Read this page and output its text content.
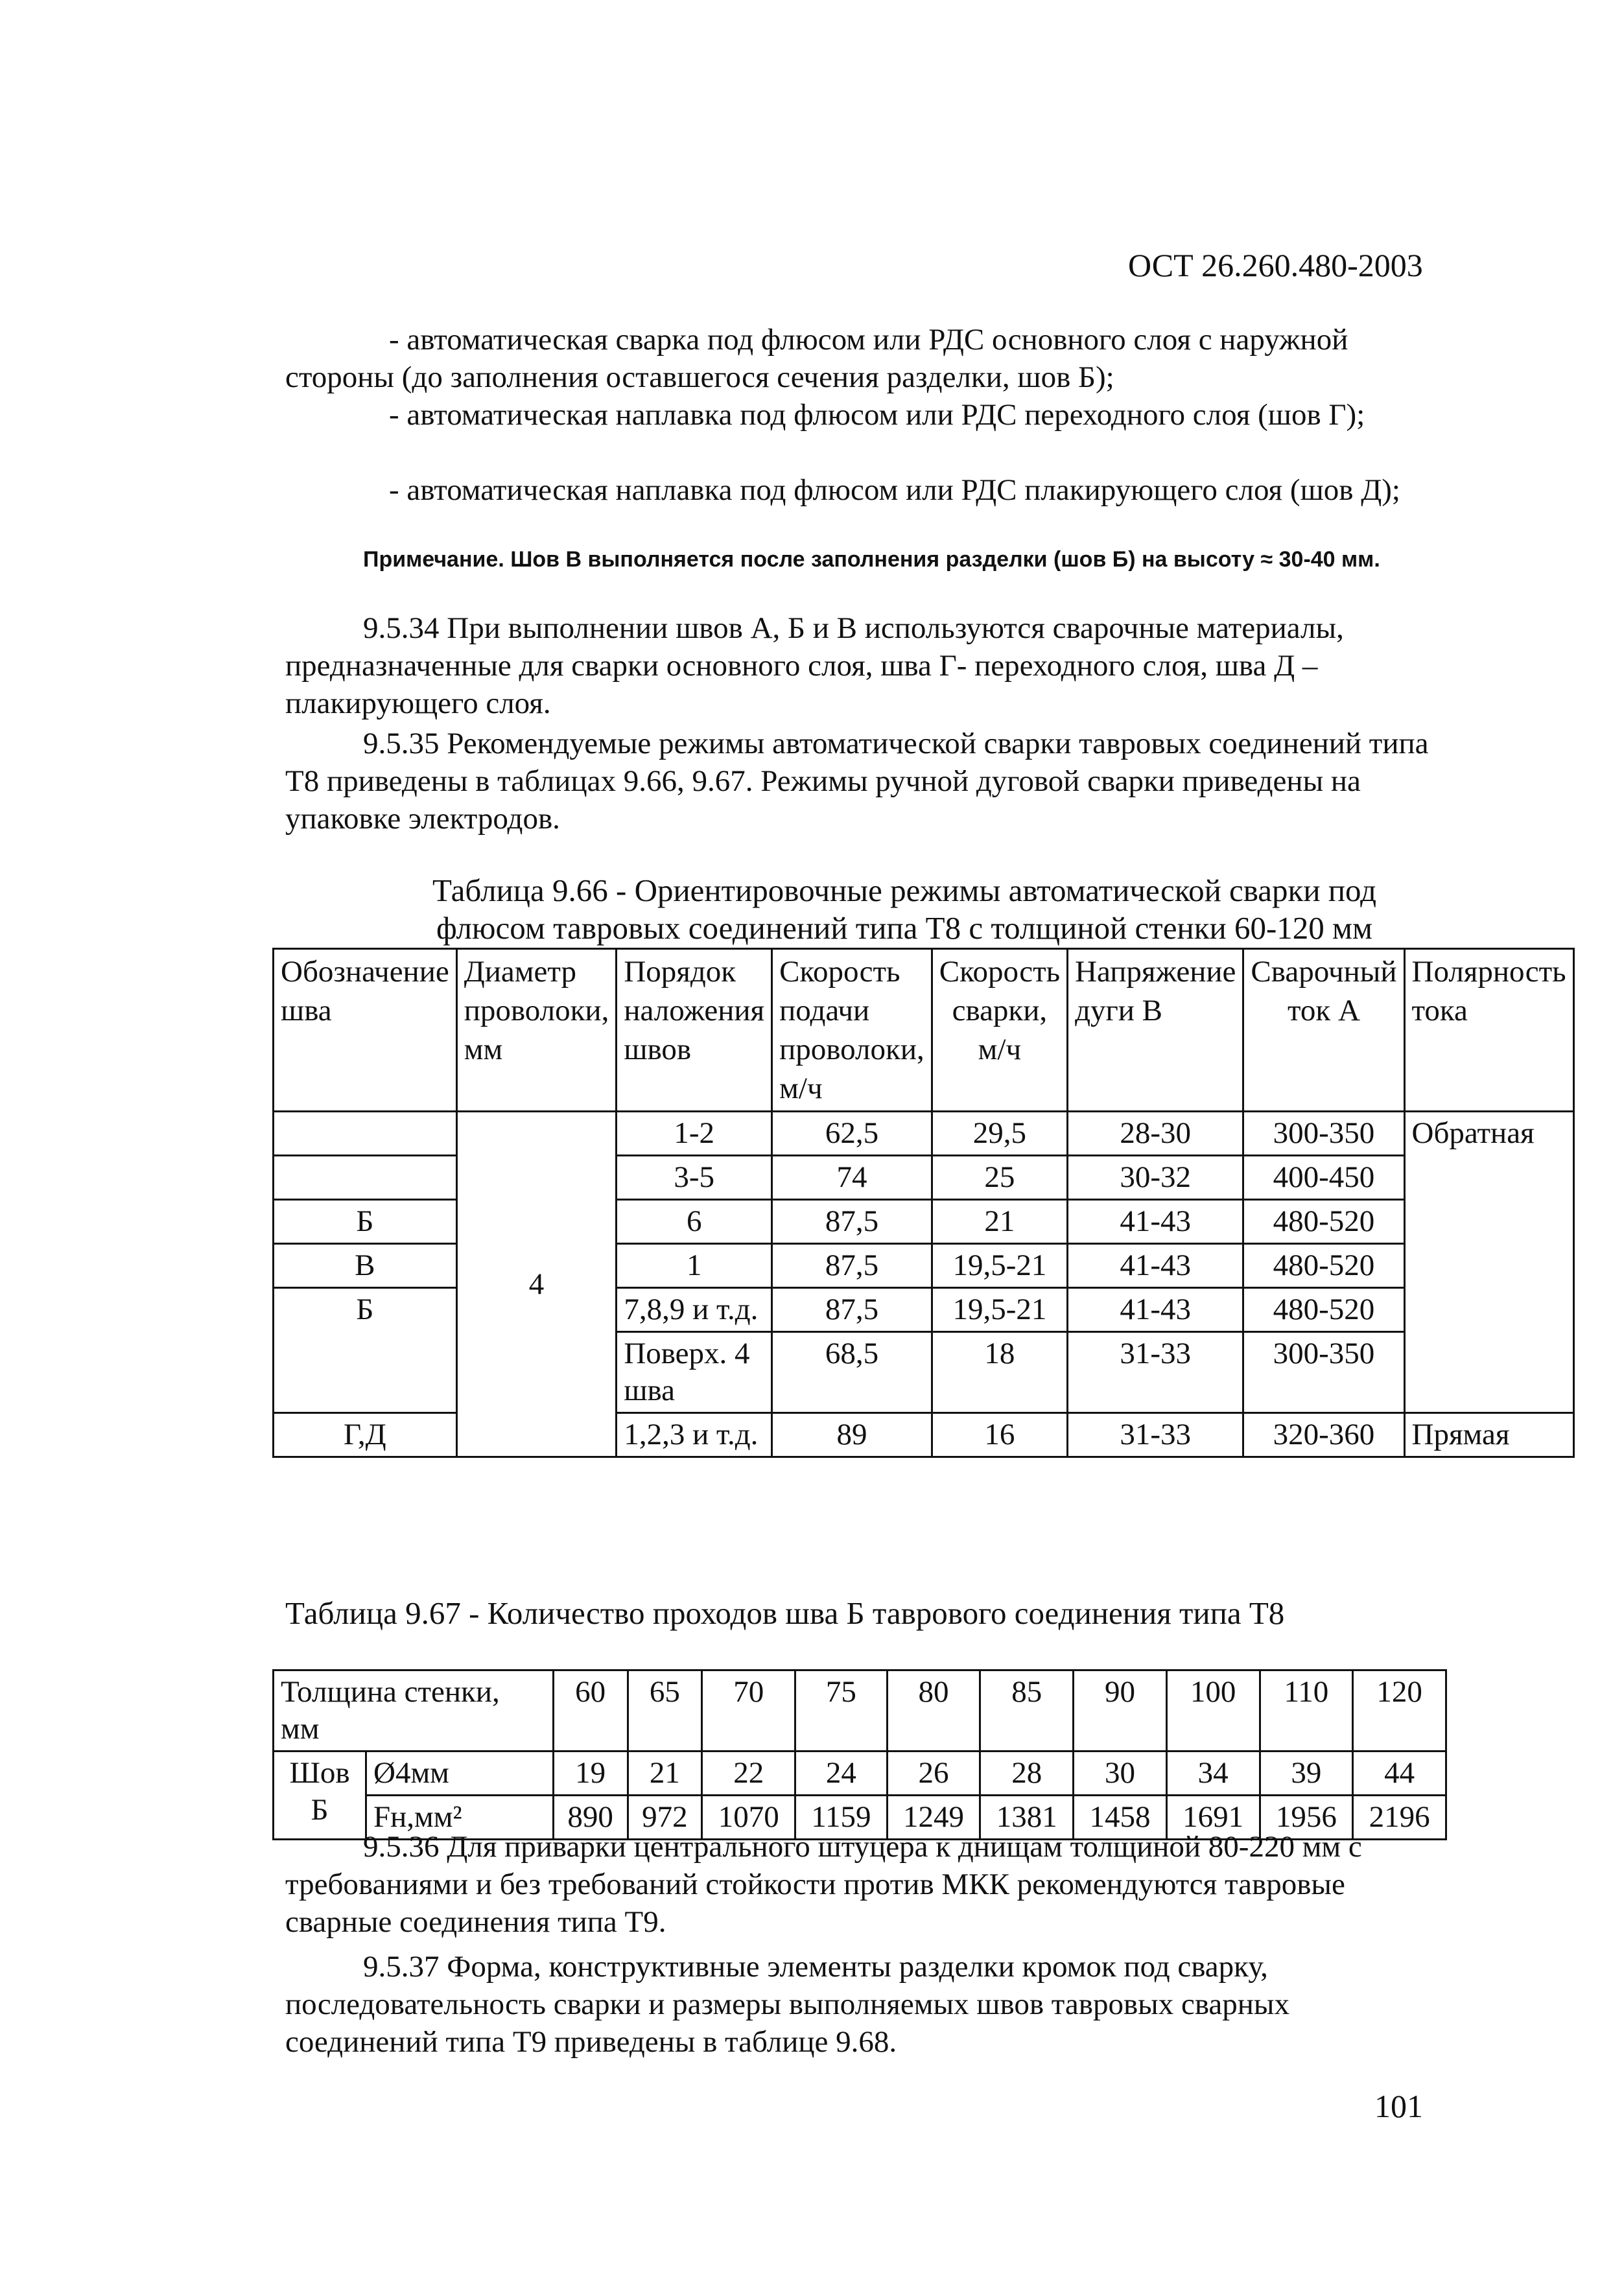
ОСТ 26.260.480-2003
- автоматическая сварка под флюсом или РДС основного слоя с наружной стороны (до заполнения оставшегося сечения разделки, шов Б);
- автоматическая наплавка под флюсом или РДС переходного слоя (шов Г);
- автоматическая наплавка под флюсом или РДС плакирующего слоя (шов Д);
Примечание. Шов В выполняется после заполнения разделки (шов Б) на высоту ≈ 30-40 мм.
9.5.34 При выполнении швов А, Б и В используются сварочные материалы, предназначенные для сварки основного слоя, шва Г- переходного слоя, шва Д – плакирующего слоя.
9.5.35 Рекомендуемые режимы автоматической сварки тавровых соединений типа Т8 приведены в таблицах 9.66, 9.67. Режимы ручной дуговой сварки приведены на упаковке электродов.
Таблица 9.66 - Ориентировочные режимы автоматической сварки под флюсом тавровых соединений типа Т8 с толщиной стенки 60-120 мм
Обозначение шва	Диаметр проволоки, мм	Порядок наложения швов	Скорость подачи проволоки, м/ч	Скорость сварки, м/ч	Напряжение дуги В	Сварочный ток А	Полярность тока
	4	1-2	62,5	29,5	28-30	300-350	Обратная
		3-5	74	25	30-32	400-450	
Б		6	87,5	21	41-43	480-520	
В		1	87,5	19,5-21	41-43	480-520	
Б		7,8,9 и т.д.	87,5	19,5-21	41-43	480-520	
		Поверх. 4 шва	68,5	18	31-33	300-350	
Г,Д		1,2,3 и т.д.	89	16	31-33	320-360	Прямая
Таблица 9.67 - Количество проходов шва Б таврового соединения типа Т8
Толщина стенки, мм		60	65	70	75	80	85	90	100	110	120
Шов Б	Ø4мм	19	21	22	24	26	28	30	34	39	44
	Fн,мм²	890	972	1070	1159	1249	1381	1458	1691	1956	2196
9.5.36 Для приварки центрального штуцера к днищам толщиной 80-220 мм с требованиями и без требований стойкости против МКК рекомендуются тавровые сварные соединения типа Т9.
9.5.37 Форма, конструктивные элементы разделки кромок под сварку, последовательность сварки и размеры выполняемых швов тавровых сварных соединений типа Т9 приведены в таблице 9.68.
101
